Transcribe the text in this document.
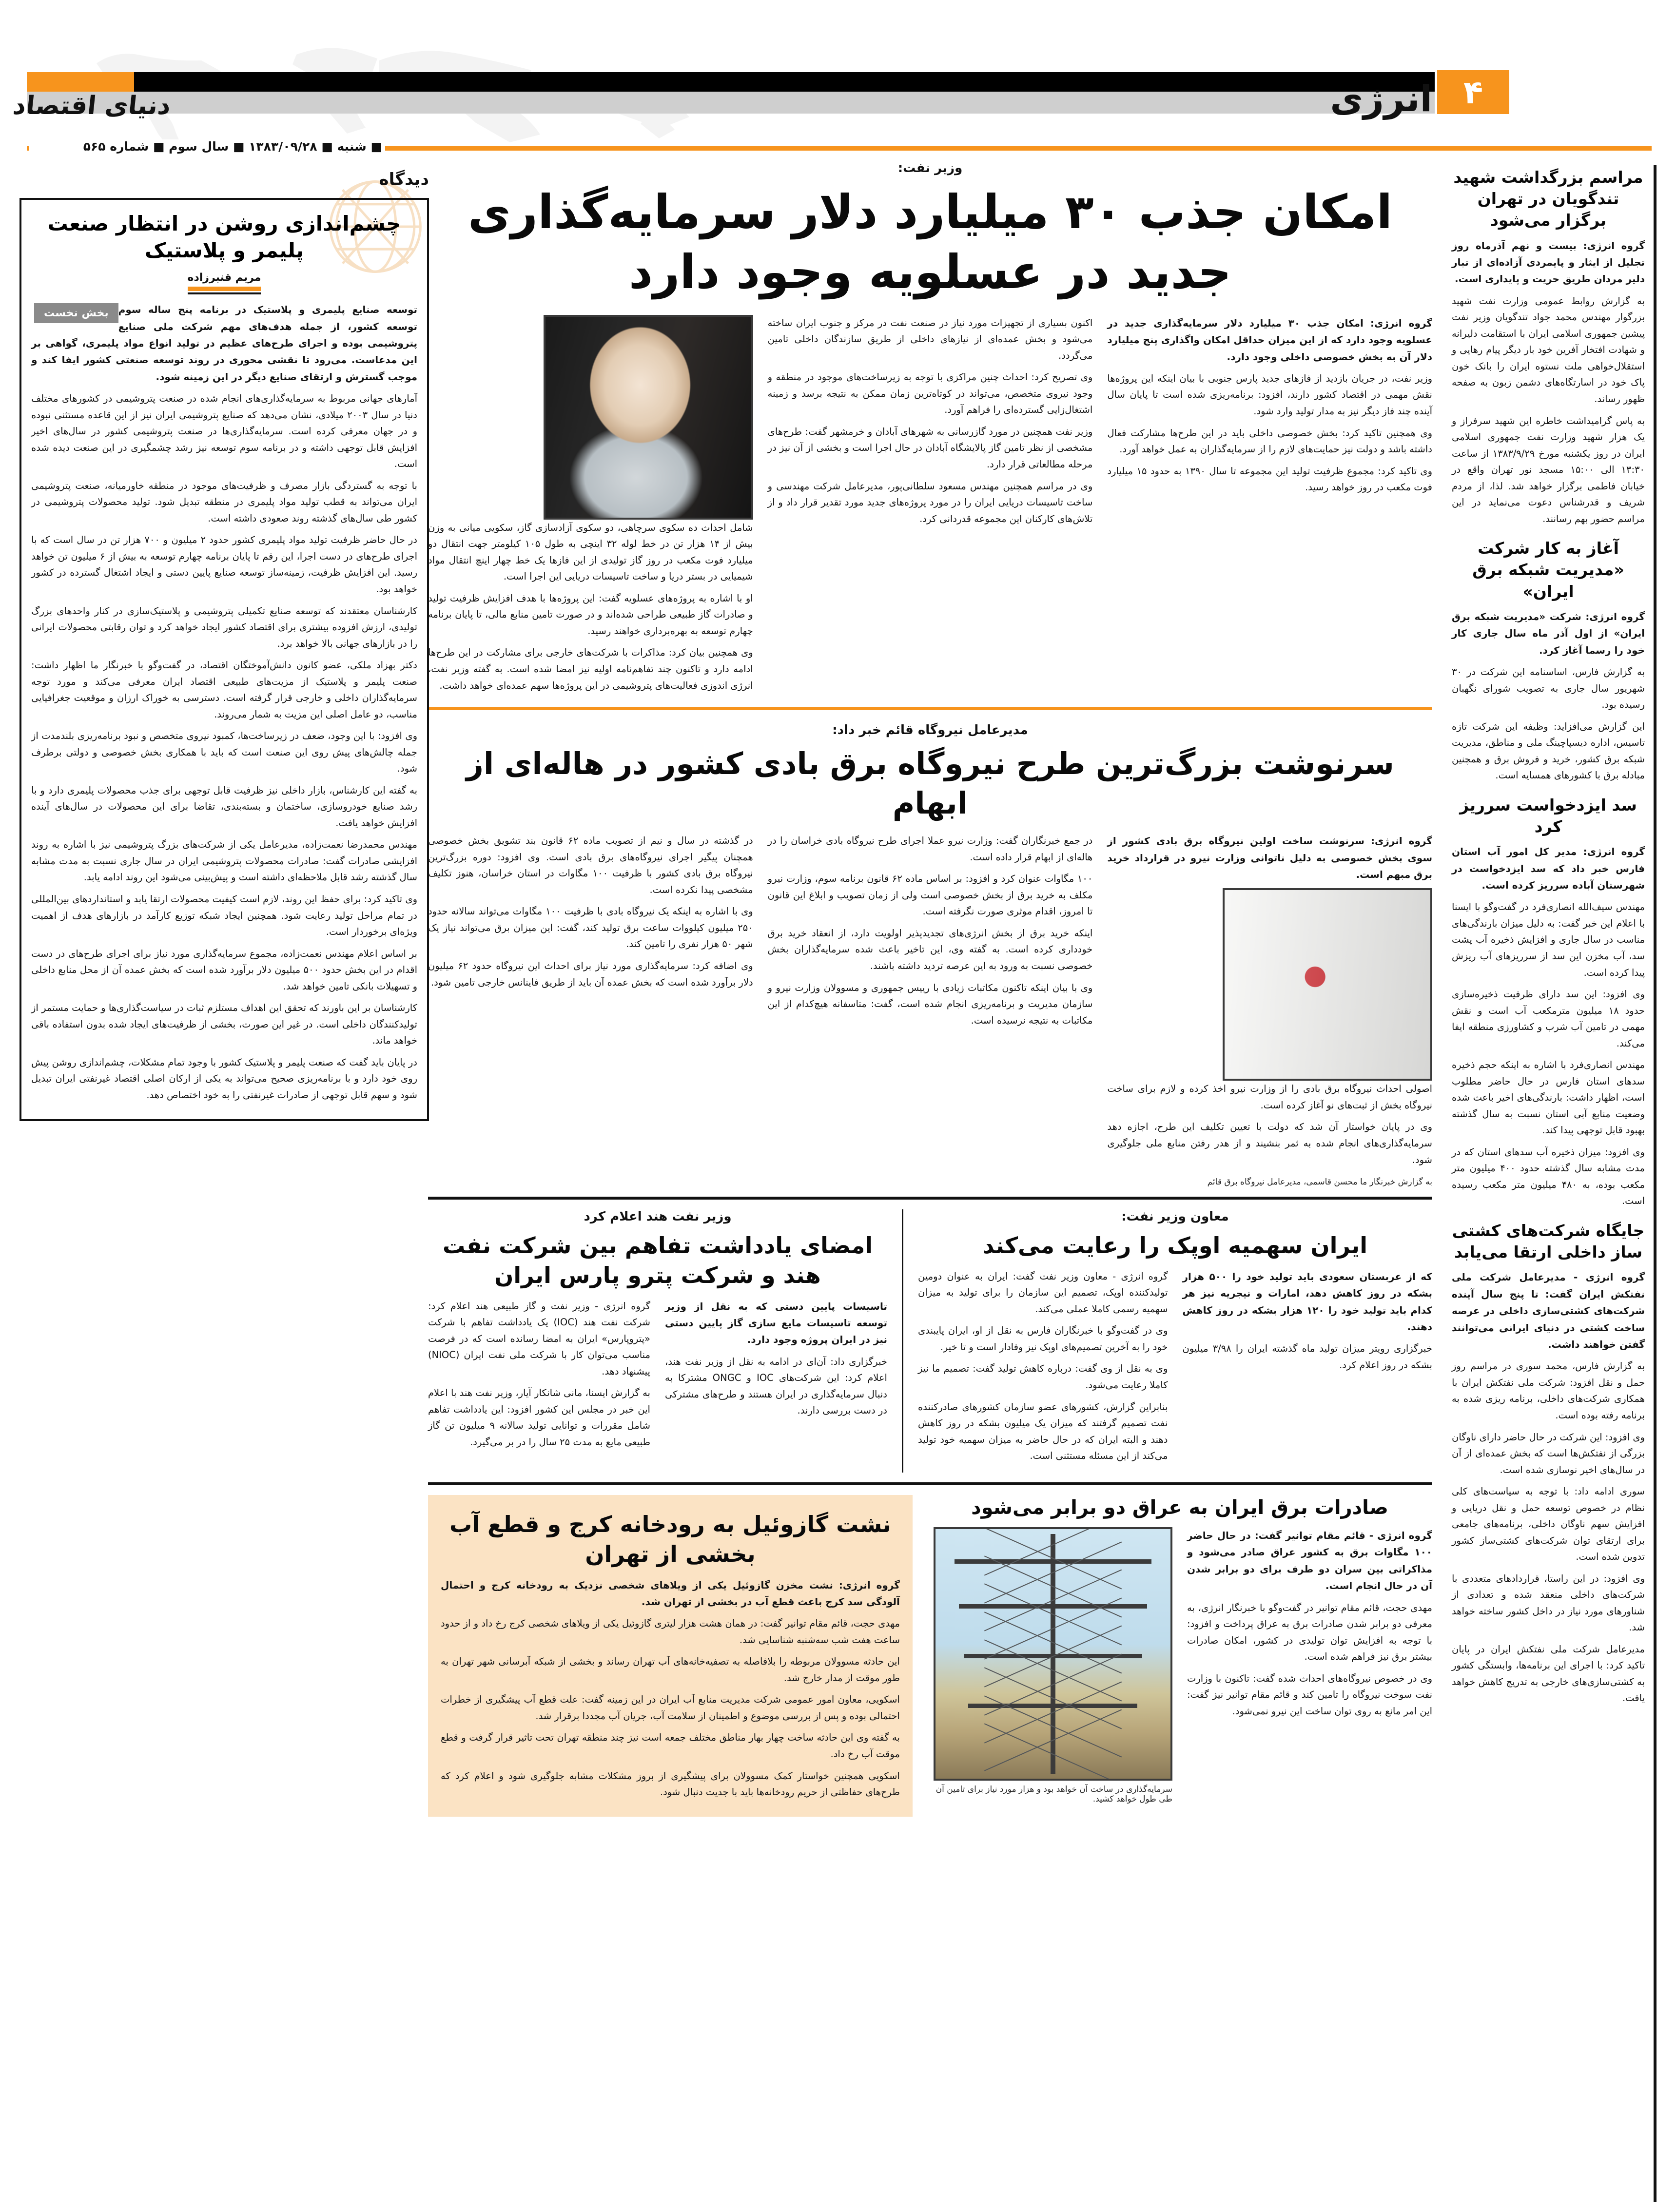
۴
دنیای اقتصاد	انرژی
■ شنبه ■ ۱۳۸۳/۰۹/۲۸ ■ سال سوم ■ شماره ۵۶۵
مراسم بزرگداشت شهید تندگویان در تهران برگزار می‌شود

گروه انرژی: بیست و نهم آذرماه روز تجلیل از ایثار و پایمردی آزاده‌ای از تبار دلیر مردان طریق حریت و پایداری است.

به گزارش روابط عمومی وزارت نفت شهید بزرگوار مهندس محمد جواد تندگویان وزیر نفت پیشین جمهوری اسلامی ایران با استقامت دلیرانه و شهادت افتخار آفرین خود بار دیگر پیام رهایی و استقلال‌خواهی ملت نستوه ایران را بانک خون پاک خود در اسارتگاه‌های دشمن زبون به صفحه ظهور رساند.

به پاس گرامیداشت خاطره این شهید سرفراز و یک هزار شهید وزارت نفت جمهوری اسلامی ایران در روز یکشنبه مورخ ۱۳۸۳/۹/۲۹ از ساعت ۱۳:۳۰ الی ۱۵:۰۰ مسجد نور تهران واقع در خیابان فاطمی برگزار خواهد شد. لذا، از مردم شریف و قدرشناس دعوت می‌نماید در این مراسم حضور بهم رسانند.

آغاز به کار شرکت «مدیریت شبکه برق ایران»

گروه انرژی: شرکت «مدیریت شبکه برق ایران» از اول آذر ماه سال جاری کار خود را رسما آغاز کرد.

به گزارش فارس، اساسنامه این شرکت در ۳۰ شهریور سال جاری به تصویب شورای نگهبان رسیده بود.

این گزارش می‌افزاید: وظیفه این شرکت تازه تاسیس، اداره دیسپاچینگ ملی و مناطق، مدیریت شبکه برق کشور، خرید و فروش برق و همچنین مبادله برق با کشورهای همسایه است.

سد ایزدخواست سرریز کرد

گروه انرژی: مدیر کل امور آب استان فارس خبر داد که سد ایزدخواست در شهرستان آباده سرریز کرده است.

مهندس سیف‌الله انصاری‌فرد در گفت‌وگو با ایسنا با اعلام این خبر گفت: به دلیل میزان بارندگی‌های مناسب در سال جاری و افزایش ذخیره آب پشت سد، آب مخزن این سد از سرریزهای آب ریزش پیدا کرده است.

وی افزود: این سد دارای ظرفیت ذخیره‌سازی حدود ۱۸ میلیون مترمکعب آب است و نقش مهمی در تامین آب شرب و کشاورزی منطقه ایفا می‌کند.

مهندس انصاری‌فرد با اشاره به اینکه حجم ذخیره سدهای استان فارس در حال حاضر مطلوب است، اظهار داشت: بارندگی‌های اخیر باعث شده وضعیت منابع آبی استان نسبت به سال گذشته بهبود قابل توجهی پیدا کند.

وی افزود: میزان ذخیره آب سدهای استان که در مدت مشابه سال گذشته حدود ۴۰۰ میلیون متر مکعب بوده، به ۴۸۰ میلیون متر مکعب رسیده است.

جایگاه شرکت‌های کشتی ساز داخلی ارتقا می‌یابد

گروه انرژی - مدیرعامل شرکت ملی نفتکش ایران گفت: تا پنج سال آینده شرکت‌های کشتی‌سازی داخلی در عرصه ساخت کشتی در دنیای ایرانی می‌توانند گفتن خواهند داشت.

به گزارش فارس، محمد سوری در مراسم روز حمل و نقل افزود: شرکت ملی نفتکش ایران با همکاری شرکت‌های داخلی، برنامه ریزی شده به برنامه رفته بوده است.

وی افزود: این شرکت در حال حاضر دارای ناوگان بزرگی از نفتکش‌ها است که بخش عمده‌ای از آن در سال‌های اخیر نوسازی شده است.

سوری ادامه داد: با توجه به سیاست‌های کلی نظام در خصوص توسعه حمل و نقل دریایی و افزایش سهم ناوگان داخلی، برنامه‌های جامعی برای ارتقای توان شرکت‌های کشتی‌ساز کشور تدوین شده است.

وی افزود: در این راستا، قراردادهای متعددی با شرکت‌های داخلی منعقد شده و تعدادی از شناورهای مورد نیاز در داخل کشور ساخته خواهد شد.

مدیرعامل شرکت ملی نفتکش ایران در پایان تاکید کرد: با اجرای این برنامه‌ها، وابستگی کشور به کشتی‌سازی‌های خارجی به تدریج کاهش خواهد یافت.

وزیر نفت:
امکان جذب ۳۰ میلیارد دلار سرمایه‌گذاری جدید در عسلویه وجود دارد

گروه انرژی: امکان جذب ۳۰ میلیارد دلار سرمایه‌گذاری جدید در عسلویه وجود دارد که از این میزان حداقل امکان واگذاری پنج میلیارد دلار آن به بخش خصوصی داخلی وجود دارد.

وزیر نفت، در جریان بازدید از فازهای جدید پارس جنوبی با بیان اینکه این پروژه‌ها نقش مهمی در اقتصاد کشور دارند، افزود: برنامه‌ریزی شده است تا پایان سال آینده چند فاز دیگر نیز به مدار تولید وارد شود.

وی همچنین تاکید کرد: بخش خصوصی داخلی باید در این طرح‌ها مشارکت فعال داشته باشد و دولت نیز حمایت‌های لازم را از سرمایه‌گذاران به عمل خواهد آورد.

وی تاکید کرد: مجموع ظرفیت تولید این مجموعه تا سال ۱۳۹۰ به حدود ۱۵ میلیارد فوت مکعب در روز خواهد رسید.

اکنون بسیاری از تجهیزات مورد نیاز در صنعت نفت در مرکز و جنوب ایران ساخته می‌شود و بخش عمده‌ای از نیازهای داخلی از طریق سازندگان داخلی تامین می‌گردد.

وی تصریح کرد: احداث چنین مراکزی با توجه به زیرساخت‌های موجود در منطقه و وجود نیروی متخصص، می‌تواند در کوتاه‌ترین زمان ممکن به نتیجه برسد و زمینه اشتغال‌زایی گسترده‌ای را فراهم آورد.

وزیر نفت همچنین در مورد گازرسانی به شهرهای آبادان و خرمشهر گفت: طرح‌های مشخصی از نظر تامین گاز پالایشگاه آبادان در حال اجرا است و بخشی از آن نیز در مرحله مطالعاتی قرار دارد.

وی در مراسم همچنین مهندس مسعود سلطانی‌پور، مدیرعامل شرکت مهندسی و ساخت تاسیسات دریایی ایران را در مورد پروژه‌های جدید مورد تقدیر قرار داد و از تلاش‌های کارکنان این مجموعه قدردانی کرد.

شامل احداث ده سکوی سرچاهی، دو سکوی آزادسازی گاز، سکویی میانی به وزن بیش از ۱۴ هزار تن در خط لوله ۳۲ اینچی به طول ۱۰۵ کیلومتر جهت انتقال دو میلیارد فوت مکعب در روز گاز تولیدی از این فازها یک خط چهار اینچ انتقال مواد شیمیایی در بستر دریا و ساخت تاسیسات دریایی این اجرا است.

او با اشاره به پروژه‌های عسلویه گفت: این پروژه‌ها با هدف افزایش ظرفیت تولید و صادرات گاز طبیعی طراحی شده‌اند و در صورت تامین منابع مالی، تا پایان برنامه چهارم توسعه به بهره‌برداری خواهند رسید.

وی همچنین بیان کرد: مذاکرات با شرکت‌های خارجی برای مشارکت در این طرح‌ها ادامه دارد و تاکنون چند تفاهم‌نامه اولیه نیز امضا شده است. به گفته وزیر نفت، انرژی اندوزی فعالیت‌های پتروشیمی در این پروژه‌ها سهم عمده‌ای خواهد داشت.

مدیرعامل نیروگاه قائم خبر داد:
سرنوشت بزرگ‌ترین طرح نیروگاه برق بادی کشور در هاله‌ای از ابهام

گروه انرژی: سرنوشت ساخت اولین نیروگاه برق بادی کشور از سوی بخش خصوصی به دلیل ناتوانی وزارت نیرو در قرارداد خرید برق مبهم است.

اصولی احداث نیروگاه برق بادی را از وزارت نیرو اخذ کرده و لازم برای ساخت نیروگاه بخش از ثبت‌های نو آغاز کرده است.

وی در پایان خواستار آن شد که دولت با تعیین تکلیف این طرح، اجازه دهد سرمایه‌گذاری‌های انجام شده به ثمر بنشیند و از هدر رفتن منابع ملی جلوگیری شود.

در جمع خبرنگاران گفت: وزارت نیرو عملا اجرای طرح نیروگاه بادی خراسان را در هاله‌ای از ابهام قرار داده است.

۱۰۰ مگاوات عنوان کرد و افزود: بر اساس ماده ۶۲ قانون برنامه سوم، وزارت نیرو مکلف به خرید برق از بخش خصوصی است ولی از زمان تصویب و ابلاغ این قانون تا امروز، اقدام موثری صورت نگرفته است.

اینکه خرید برق از بخش انرژی‌های تجدیدپذیر اولویت دارد، از انعقاد خرید برق خودداری کرده است. به گفته وی، این تاخیر باعث شده سرمایه‌گذاران بخش خصوصی نسبت به ورود به این عرصه تردید داشته باشند.

وی با بیان اینکه تاکنون مکاتبات زیادی با رییس جمهوری و مسوولان وزارت نیرو و سازمان مدیریت و برنامه‌ریزی انجام شده است، گفت: متاسفانه هیچ‌کدام از این مکاتبات به نتیجه نرسیده است.

در گذشته در سال و نیم از تصویب ماده ۶۲ قانون بند تشویق بخش خصوصی همچنان پیگیر اجرای نیروگاه‌های برق بادی است. وی افزود: دوره بزرگ‌ترین نیروگاه برق بادی کشور با ظرفیت ۱۰۰ مگاوات در استان خراسان، هنوز تکلیف مشخصی پیدا نکرده است.

وی با اشاره به اینکه یک نیروگاه بادی با ظرفیت ۱۰۰ مگاوات می‌تواند سالانه حدود ۲۵۰ میلیون کیلووات ساعت برق تولید کند، گفت: این میزان برق می‌تواند نیاز یک شهر ۵۰ هزار نفری را تامین کند.

وی اضافه کرد: سرمایه‌گذاری مورد نیاز برای احداث این نیروگاه حدود ۶۲ میلیون دلار برآورد شده است که بخش عمده آن باید از طریق فاینانس خارجی تامین شود.

به گزارش خبرنگار ما محسن قاسمی، مدیرعامل نیروگاه برق قائم
معاون وزیر نفت:
ایران سهمیه اوپک را رعایت می‌کند

که از عربستان سعودی باید تولید خود را ۵۰۰ هزار بشکه در روز کاهش دهد، امارات و نیجریه نیز هر کدام باید تولید خود را ۱۲۰ هزار بشکه در روز کاهش دهند.

خبرگزاری رویتر میزان تولید ماه گذشته ایران را ۳/۹۸ میلیون بشکه در روز اعلام کرد.

گروه انرژی - معاون وزیر نفت گفت: ایران به عنوان دومین تولیدکننده اوپک، تصمیم این سازمان را برای تولید به میزان سهمیه رسمی کاملا عملی می‌کند.

وی در گفت‌وگو با خبرنگاران فارس به نقل از او، ایران پایبندی خود را به آخرین تصمیم‌های اوپک نیز وفادار است و تا خیر.

وی به نقل از وی گفت: درباره کاهش تولید گفت: تصمیم ما نیز کاملا رعایت می‌شود.

بنابراین گزارش، کشورهای عضو سازمان کشورهای صادرکننده نفت تصمیم گرفتند که میزان یک میلیون بشکه در روز کاهش دهند و البته ایران که در حال حاضر به میزان سهمیه خود تولید می‌کند از این مسئله مستثنی است.

وزیر نفت هند اعلام کرد
امضای یادداشت تفاهم بین شرکت نفت هند و شرکت پترو پارس ایران

تاسیسات پایین دستی که به نقل از وزیر توسعه تاسیسات مایع سازی گاز پایین دستی نیز در ایران پروژه وجود دارد.

خبرگزاری داد: آن‌ای در ادامه به نقل از وزیر نفت هند، اعلام کرد: این شرکت‌های IOC و ONGC مشترکا به دنبال سرمایه‌گذاری در ایران هستند و طرح‌های مشترکی در دست بررسی دارند.

گروه انرژی - وزیر نفت و گاز طبیعی هند اعلام کرد: شرکت نفت هند (IOC) یک یادداشت تفاهم با شرکت «پتروپارس» ایران به امضا رسانده است که در فرصت مناسب می‌توان کار با شرکت ملی نفت ایران (NIOC) پیشنهاد دهد.

به گزارش ایسنا، مانی شانکار آیار، وزیر نفت هند با اعلام این خبر در مجلس این کشور افزود: این یادداشت تفاهم شامل مقررات و توانایی تولید سالانه ۹ میلیون تن گاز طبیعی مایع به مدت ۲۵ سال را در بر می‌گیرد.

صادرات برق ایران به عراق دو برابر می‌شود

گروه انرژی - قائم مقام توانیر گفت: در حال حاضر ۱۰۰ مگاوات برق به کشور عراق صادر می‌شود و مذاکراتی بین سران دو طرف برای دو برابر شدن آن در حال انجام است.

مهدی حجت، قائم مقام توانیر در گفت‌وگو با خبرنگار انرژی، به معرفی دو برابر شدن صادرات برق به عراق پرداخت و افزود: با توجه به افزایش توان تولیدی در کشور، امکان صادرات بیشتر برق نیز فراهم شده است.

وی در خصوص نیروگاه‌های احداث شده گفت: تاکنون با وزارت نفت سوخت نیروگاه را تامین کند و قائم مقام توانیر نیز گفت: این امر مانع به روی توان ساخت این نیرو نمی‌شود.

سرمایه‌گذاری در ساخت آن خواهد بود و هزار مورد نیاز برای تامین آن طی طول خواهد کشید.
نشت گازوئیل به رودخانه کرج و قطع آب بخشی از تهران

گروه انرژی: نشت مخزن گازوئیل یکی از ویلاهای شخصی نزدیک به رودخانه کرج و احتمال آلودگی سد کرج باعث قطع آب در بخشی از تهران شد.

مهدی حجت، قائم مقام توانیر گفت: در همان هشت هزار لیتری گازوئیل یکی از ویلاهای شخصی کرج رخ داد و از حدود ساعت هفت شب سه‌شنبه شناسایی شد.

این حادثه مسوولان مربوطه را بلافاصله به تصفیه‌خانه‌های آب تهران رساند و بخشی از شبکه آبرسانی شهر تهران به طور موقت از مدار خارج شد.

اسکویی، معاون امور عمومی شرکت مدیریت منابع آب ایران در این زمینه گفت: علت قطع آب پیشگیری از خطرات احتمالی بوده و پس از بررسی موضوع و اطمینان از سلامت آب، جریان آب مجددا برقرار شد.

به گفته وی این حادثه ساخت چهار بهار مناطق مختلف جمعه است نیز چند منطقه تهران تحت تاثیر قرار گرفت و قطع موقت آب رخ داد.

اسکویی همچنین خواستار کمک مسوولان برای پیشگیری از بروز مشکلات مشابه جلوگیری شود و اعلام کرد که طرح‌های حفاظتی از حریم رودخانه‌ها باید با جدیت دنبال شود.

دیدگاه
چشم‌اندازی روشن در انتظار صنعت پلیمر و پلاستیک
مریم قنبرزاده
بخش نخست	توسعه صنایع پلیمری و پلاستیک در برنامه پنج ساله سوم توسعه کشور، از جمله هدف‌های مهم شرکت ملی صنایع پتروشیمی بوده و اجرای طرح‌های عظیم در تولید انواع مواد پلیمری، گواهی بر این مدعاست. می‌رود تا نقشی محوری در روند توسعه صنعتی کشور ایفا کند و موجب گسترش و ارتقای صنایع دیگر در این زمینه شود.

آمارهای جهانی مربوط به سرمایه‌گذاری‌های انجام شده در صنعت پتروشیمی در کشورهای مختلف دنیا در سال ۲۰۰۳ میلادی، نشان می‌دهد که صنایع پتروشیمی ایران نیز از این قاعده مستثنی نبوده و در جهان معرفی کرده است. سرمایه‌گذاری‌ها در صنعت پتروشیمی کشور در سال‌های اخیر افزایش قابل توجهی داشته و در برنامه سوم توسعه نیز رشد چشمگیری در این صنعت دیده شده است.

با توجه به گستردگی بازار مصرف و ظرفیت‌های موجود در منطقه خاورمیانه، صنعت پتروشیمی ایران می‌تواند به قطب تولید مواد پلیمری در منطقه تبدیل شود. تولید محصولات پتروشیمی در کشور طی سال‌های گذشته روند صعودی داشته است.

در حال حاضر ظرفیت تولید مواد پلیمری کشور حدود ۲ میلیون و ۷۰۰ هزار تن در سال است که با اجرای طرح‌های در دست اجرا، این رقم تا پایان برنامه چهارم توسعه به بیش از ۶ میلیون تن خواهد رسید. این افزایش ظرفیت، زمینه‌ساز توسعه صنایع پایین دستی و ایجاد اشتغال گسترده در کشور خواهد بود.

کارشناسان معتقدند که توسعه صنایع تکمیلی پتروشیمی و پلاستیک‌سازی در کنار واحدهای بزرگ تولیدی، ارزش افزوده بیشتری برای اقتصاد کشور ایجاد خواهد کرد و توان رقابتی محصولات ایرانی را در بازارهای جهانی بالا خواهد برد.

دکتر بهزاد ملکی، عضو کانون دانش‌آموختگان اقتصاد، در گفت‌وگو با خبرنگار ما اظهار داشت: صنعت پلیمر و پلاستیک از مزیت‌های طبیعی اقتصاد ایران معرفی می‌کند و مورد توجه سرمایه‌گذاران داخلی و خارجی قرار گرفته است. دسترسی به خوراک ارزان و موقعیت جغرافیایی مناسب، دو عامل اصلی این مزیت به شمار می‌روند.

وی افزود: با این وجود، ضعف در زیرساخت‌ها، کمبود نیروی متخصص و نبود برنامه‌ریزی بلندمدت از جمله چالش‌های پیش روی این صنعت است که باید با همکاری بخش خصوصی و دولتی برطرف شود.

به گفته این کارشناس، بازار داخلی نیز ظرفیت قابل توجهی برای جذب محصولات پلیمری دارد و با رشد صنایع خودروسازی، ساختمان و بسته‌بندی، تقاضا برای این محصولات در سال‌های آینده افزایش خواهد یافت.

مهندس محمدرضا نعمت‌زاده، مدیرعامل یکی از شرکت‌های بزرگ پتروشیمی نیز با اشاره به روند افزایشی صادرات گفت: صادرات محصولات پتروشیمی ایران در سال جاری نسبت به مدت مشابه سال گذشته رشد قابل ملاحظه‌ای داشته است و پیش‌بینی می‌شود این روند ادامه یابد.

وی تاکید کرد: برای حفظ این روند، لازم است کیفیت محصولات ارتقا یابد و استانداردهای بین‌المللی در تمام مراحل تولید رعایت شود. همچنین ایجاد شبکه توزیع کارآمد در بازارهای هدف از اهمیت ویژه‌ای برخوردار است.

بر اساس اعلام مهندس نعمت‌زاده، مجموع سرمایه‌گذاری مورد نیاز برای اجرای طرح‌های در دست اقدام در این بخش حدود ۵۰۰ میلیون دلار برآورد شده است که بخش عمده آن از محل منابع داخلی و تسهیلات بانکی تامین خواهد شد.

کارشناسان بر این باورند که تحقق این اهداف مستلزم ثبات در سیاست‌گذاری‌ها و حمایت مستمر از تولیدکنندگان داخلی است. در غیر این صورت، بخشی از ظرفیت‌های ایجاد شده بدون استفاده باقی خواهد ماند.

در پایان باید گفت که صنعت پلیمر و پلاستیک کشور با وجود تمام مشکلات، چشم‌اندازی روشن پیش روی خود دارد و با برنامه‌ریزی صحیح می‌تواند به یکی از ارکان اصلی اقتصاد غیرنفتی ایران تبدیل شود و سهم قابل توجهی از صادرات غیرنفتی را به خود اختصاص دهد.
